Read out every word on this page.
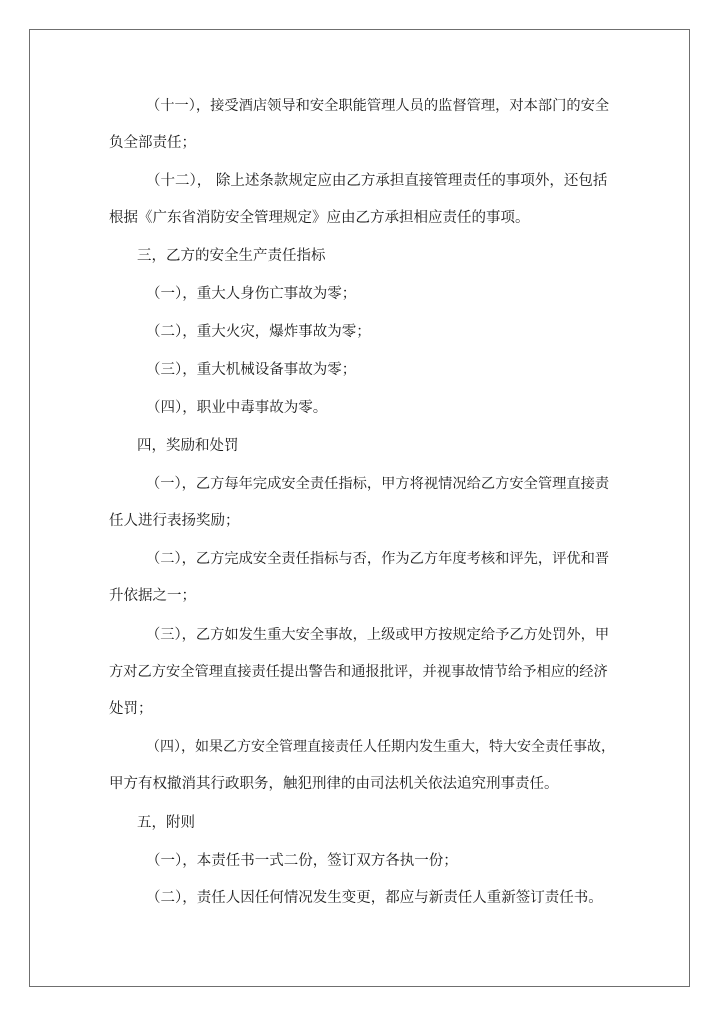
（十一），接受酒店领导和安全职能管理人员的监督管理，对本部门的安全
负全部责任；
（十二）， 除上述条款规定应由乙方承担直接管理责任的事项外，还包括
根据《广东省消防安全管理规定》应由乙方承担相应责任的事项。
三，乙方的安全生产责任指标
（一），重大人身伤亡事故为零；
（二），重大火灾，爆炸事故为零；
（三），重大机械设备事故为零；
（四），职业中毒事故为零。
四，奖励和处罚
（一），乙方每年完成安全责任指标，甲方将视情况给乙方安全管理直接责
任人进行表扬奖励；
（二），乙方完成安全责任指标与否，作为乙方年度考核和评先，评优和晋
升依据之一；
（三），乙方如发生重大安全事故，上级或甲方按规定给予乙方处罚外，甲
方对乙方安全管理直接责任提出警告和通报批评，并视事故情节给予相应的经济
处罚；
（四），如果乙方安全管理直接责任人任期内发生重大，特大安全责任事故，
甲方有权撤消其行政职务，触犯刑律的由司法机关依法追究刑事责任。
五，附则
（一），本责任书一式二份，签订双方各执一份；
（二），责任人因任何情况发生变更，都应与新责任人重新签订责任书。
